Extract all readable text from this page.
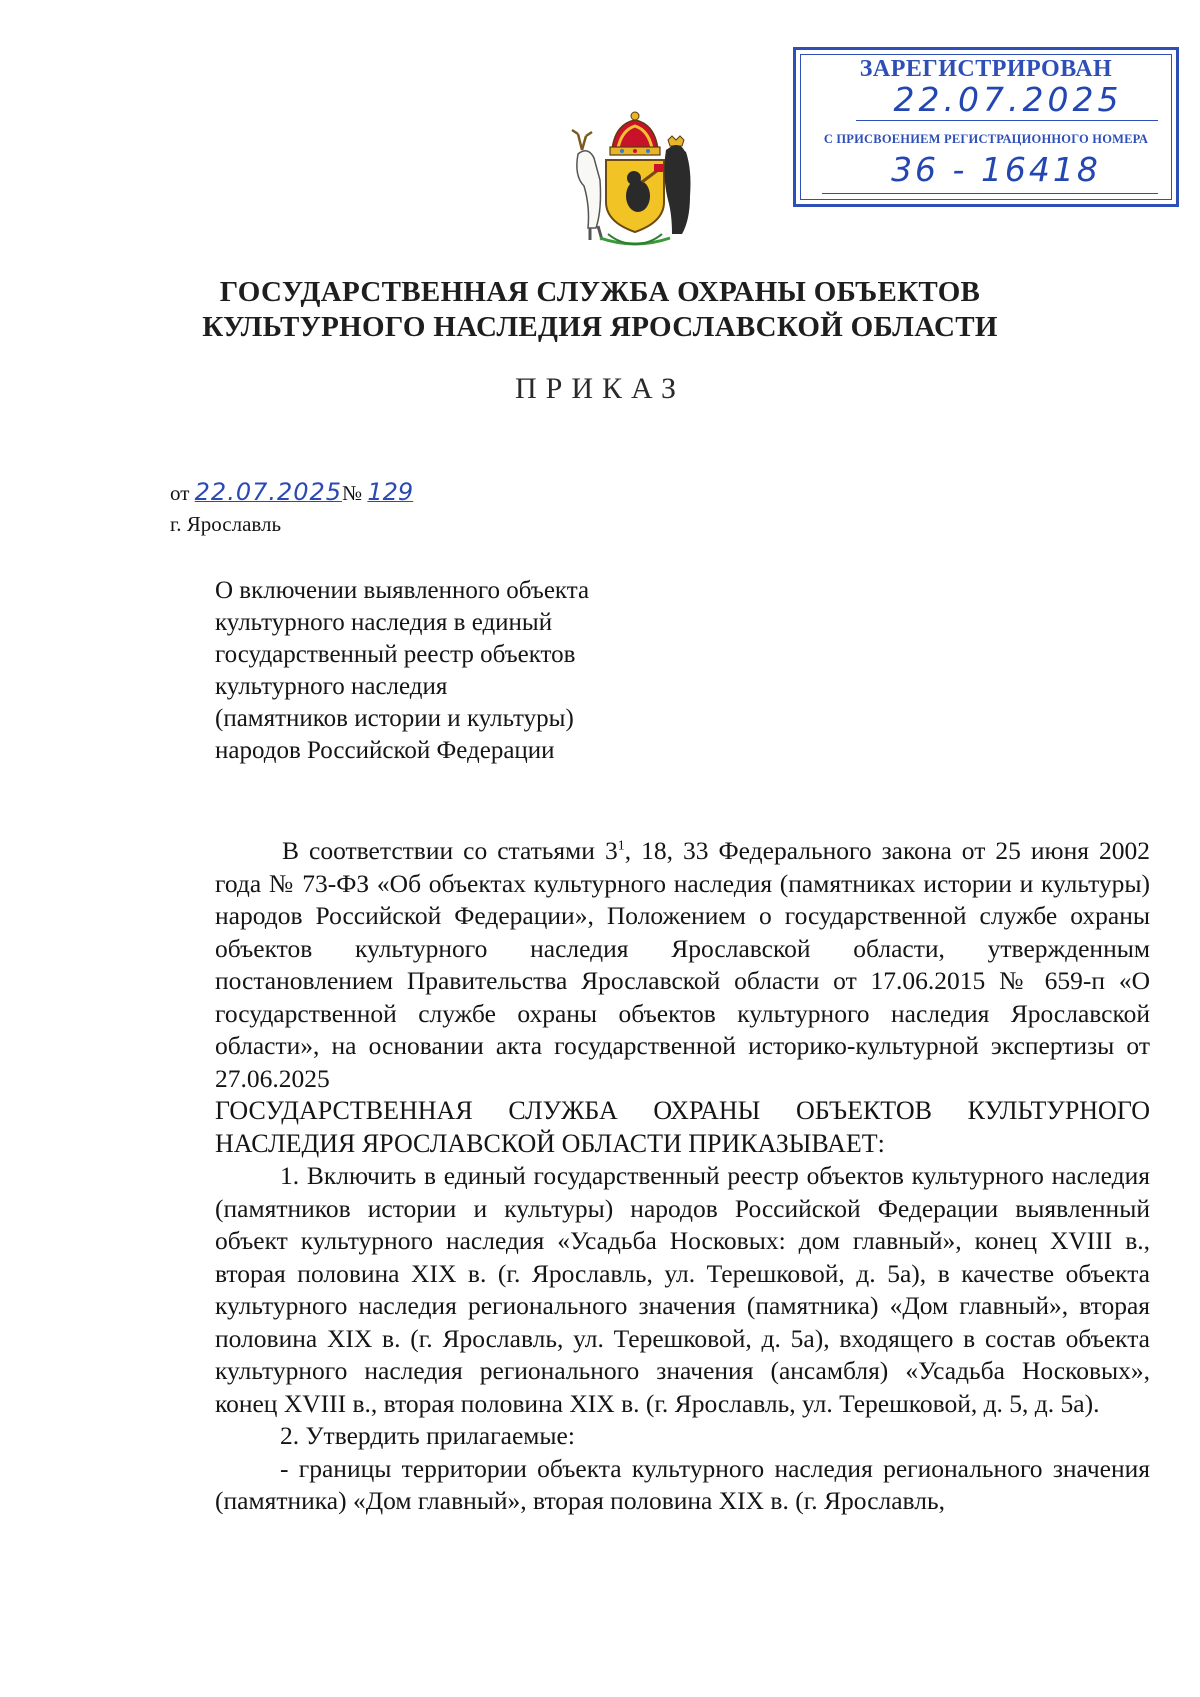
ЗАРЕГИСТРИРОВАН
22.07.2025
С ПРИСВОЕНИЕМ РЕГИСТРАЦИОННОГО НОМЕРА
36 - 16418
ГОСУДАРСТВЕННАЯ СЛУЖБА ОХРАНЫ ОБЪЕКТОВ
КУЛЬТУРНОГО НАСЛЕДИЯ ЯРОСЛАВСКОЙ ОБЛАСТИ
ПРИКАЗ
от 22.07.2025№ 129
г. Ярославль
О включении выявленного объекта
культурного наследия в единый
государственный реестр объектов
культурного наследия
(памятников истории и культуры)
народов Российской Федерации

В соответствии со статьями $3^1$, 18, 33 Федерального закона от 25 июня 2002 года № 73-ФЗ «Об объектах культурного наследия (памятниках истории и культуры) народов Российской Федерации», Положением о государственной службе охраны объектов культурного наследия Ярославской области, утвержденным постановлением Правительства Ярославской области от 17.06.2015 № 659-п «О государственной службе охраны объектов культурного наследия Ярославской области», на основании акта государственной историко-культурной экспертизы от 27.06.2025

ГОСУДАРСТВЕННАЯ СЛУЖБА ОХРАНЫ ОБЪЕКТОВ КУЛЬТУРНОГО НАСЛЕДИЯ ЯРОСЛАВСКОЙ ОБЛАСТИ ПРИКАЗЫВАЕТ:

1. Включить в единый государственный реестр объектов культурного наследия (памятников истории и культуры) народов Российской Федерации выявленный объект культурного наследия «Усадьба Носковых: дом главный», конец XVIII в., вторая половина XIX в. (г. Ярославль, ул. Терешковой, д. 5а), в качестве объекта культурного наследия регионального значения (памятника) «Дом главный», вторая половина XIX в. (г. Ярославль, ул. Терешковой, д. 5а), входящего в состав объекта культурного наследия регионального значения (ансамбля) «Усадьба Носковых», конец XVIII в., вторая половина XIX в. (г. Ярославль, ул. Терешковой, д. 5, д. 5а).

2. Утвердить прилагаемые:

- границы территории объекта культурного наследия регионального значения (памятника) «Дом главный», вторая половина XIX в. (г. Ярославль,
